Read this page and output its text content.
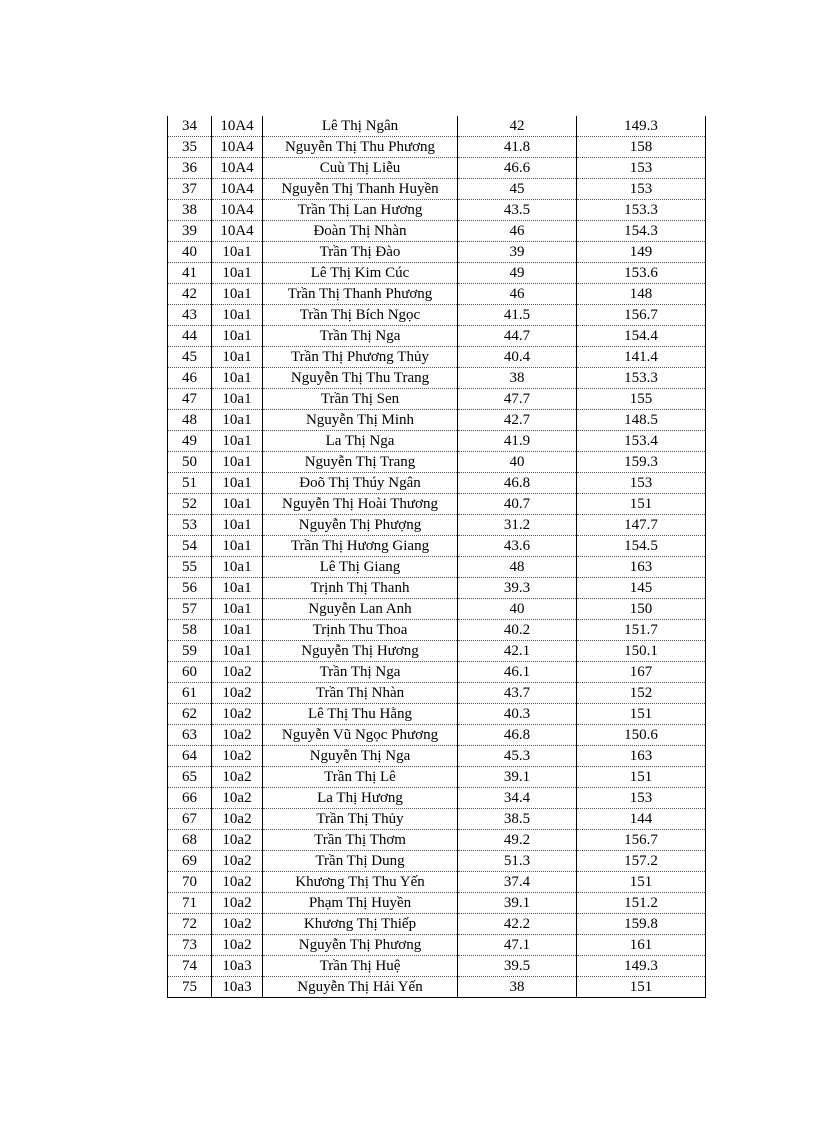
34	10A4	Lê Thị Ngân	42	149.3
35	10A4	Nguyễn Thị Thu Phương	41.8	158
36	10A4	Cuù Thị Liễu	46.6	153
37	10A4	Nguyễn Thị Thanh Huyền	45	153
38	10A4	Trần Thị Lan Hương	43.5	153.3
39	10A4	Đoàn Thị Nhàn	46	154.3
40	10a1	Trần Thị Đào	39	149
41	10a1	Lê Thị Kim Cúc	49	153.6
42	10a1	Trần Thị Thanh Phương	46	148
43	10a1	Trần Thị Bích Ngọc	41.5	156.7
44	10a1	Trần Thị Nga	44.7	154.4
45	10a1	Trần Thị Phương Thủy	40.4	141.4
46	10a1	Nguyễn Thị Thu Trang	38	153.3
47	10a1	Trần Thị Sen	47.7	155
48	10a1	Nguyễn Thị Minh	42.7	148.5
49	10a1	La Thị Nga	41.9	153.4
50	10a1	Nguyễn Thị Trang	40	159.3
51	10a1	Đoõ Thị Thúy Ngân	46.8	153
52	10a1	Nguyễn Thị Hoài Thương	40.7	151
53	10a1	Nguyễn Thị Phượng	31.2	147.7
54	10a1	Trần Thị Hương Giang	43.6	154.5
55	10a1	Lê Thị Giang	48	163
56	10a1	Trịnh Thị Thanh	39.3	145
57	10a1	Nguyễn Lan Anh	40	150
58	10a1	Trịnh Thu Thoa	40.2	151.7
59	10a1	Nguyễn Thị Hương	42.1	150.1
60	10a2	Trần Thị Nga	46.1	167
61	10a2	Trần Thị Nhàn	43.7	152
62	10a2	Lê Thị Thu Hằng	40.3	151
63	10a2	Nguyễn Vũ Ngọc Phương	46.8	150.6
64	10a2	Nguyễn Thị Nga	45.3	163
65	10a2	Trần Thị Lê	39.1	151
66	10a2	La Thị Hương	34.4	153
67	10a2	Trần Thị Thủy	38.5	144
68	10a2	Trần Thị Thơm	49.2	156.7
69	10a2	Trần Thị Dung	51.3	157.2
70	10a2	Khương Thị Thu Yến	37.4	151
71	10a2	Phạm Thị Huyền	39.1	151.2
72	10a2	Khương Thị Thiếp	42.2	159.8
73	10a2	Nguyễn Thị Phương	47.1	161
74	10a3	Trần Thị Huệ	39.5	149.3
75	10a3	Nguyễn Thị Hải Yến	38	151
